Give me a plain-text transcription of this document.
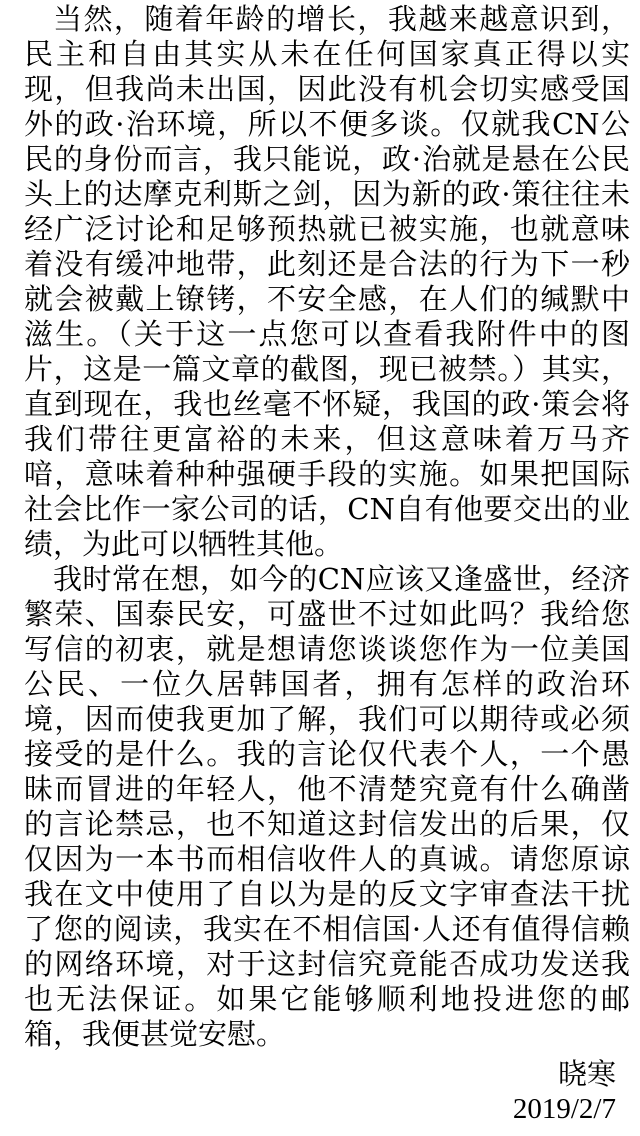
当然，随着年龄的增长，我越来越意识到，民主和自由其实从未在任何国家真正得以实现，但我尚未出国，因此没有机会切实感受国外的政·治环境，所以不便多谈。仅就我CN公民的身份而言，我只能说，政·治就是悬在公民头上的达摩克利斯之剑，因为新的政·策往往未经广泛讨论和足够预热就已被实施，也就意味着没有缓冲地带，此刻还是合法的行为下一秒就会被戴上镣铐，不安全感，在人们的缄默中滋生。（关于这一点您可以查看我附件中的图片，这是一篇文章的截图，现已被禁。）其实，直到现在，我也丝毫不怀疑，我国的政·策会将我们带往更富裕的未来，但这意味着万马齐喑，意味着种种强硬手段的实施。如果把国际社会比作一家公司的话，CN自有他要交出的业绩，为此可以牺牲其他。

我时常在想，如今的CN应该又逢盛世，经济繁荣、国泰民安，可盛世不过如此吗？我给您写信的初衷，就是想请您谈谈您作为一位美国公民、一位久居韩国者，拥有怎样的政治环境，因而使我更加了解，我们可以期待或必须接受的是什么。我的言论仅代表个人，一个愚昧而冒进的年轻人，他不清楚究竟有什么确凿的言论禁忌，也不知道这封信发出的后果，仅仅因为一本书而相信收件人的真诚。请您原谅我在文中使用了自以为是的反文字审查法干扰了您的阅读，我实在不相信国·人还有值得信赖的网络环境，对于这封信究竟能否成功发送我也无法保证。如果它能够顺利地投进您的邮箱，我便甚觉安慰。

晓寒
2019/2/7
